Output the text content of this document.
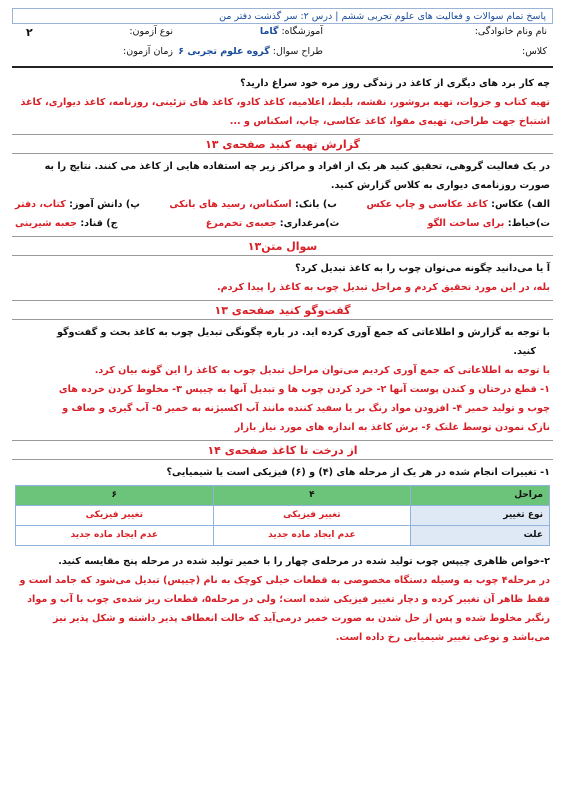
پاسخ تمام سوالات و فعالیت های علوم تجربی ششم | درس ۲: سر گذشت دفتر من
نام ونام خانوادگی:
آموزشگاه: گاما
نوع آزمون:
کلاس:
طراح سوال: گروه علوم تجربی ۶
زمان آزمون:
۲
چه کار برد های دیگری از کاغذ در زندگی روز مره خود سراغ دارید؟
تهیه کتاب و جزوات، تهیه بروشور، نقشه، بلیط، اعلامیه، کاغذ کادو، کاغذ های تزئینی، روزنامه، کاغذ دیواری، کاغذ
اشتباخ جهت طراحی، تهیه‌ی مقوا، کاغذ عکاسی، چاپ، اسکناس و ...
گزارش تهیه کنید صفحه‌ی ۱۳
در یک فعالیت گروهی، تحقیق کنید هر یک از افراد و مراکز زیر چه استفاده هایی از کاغذ می کنند. نتایج را به
صورت روزنامه‌ی دیواری به کلاس گزارش کنید.
الف) عکاس: کاغذ عکاسی و چاپ عکس
ب) بانک: اسکناس، رسید های بانکی
پ) دانش آموز: کتاب، دفتر
ت)خیاط: برای ساخت الگو
ث)مرغداری: جعبه‌ی تخم‌مرغ
ج) قناد: جعبه شیرینی
سوال متن۱۳
آ یا می‌دانید چگونه می‌توان چوب را به کاغذ تبدیل کرد؟
بله، در این مورد تحقیق کردم و مراحل تبدیل چوب به کاغذ را پیدا کردم.
گفت‌وگو کنید صفحه‌ی ۱۳
با توجه به گزارش و اطلاعاتی که جمع آوری کرده اید. در باره چگونگی تبدیل چوب به کاغذ بحث و گفت‌وگو
کنید.
با توجه به اطلاعاتی که جمع آوری کردیم می‌توان مراحل تبدیل چوب به کاغذ را این گونه بیان کرد.
۱- قطع درختان و کندن پوست آنها ۲- خرد کردن چوب ها و تبدیل آنها به چیپس ۳- مخلوط کردن خرده های
چوب و تولید خمیر ۴- افزودن مواد رنگ بر یا سفید کننده مانند آب اکسیژنه به خمیر ۵- آب گیری و صاف و
نازک نمودن توسط غلتک ۶- برش کاغذ به اندازه های مورد نیاز بازار
از درخت تا کاغذ صفحه‌ی ۱۴
۱- تغییرات انجام شده در هر یک از مرحله های (۴) و (۶) فیزیکی است یا شیمیایی؟
مراحل	۴	۶
نوع تغییر	تغییر فیزیکی	تغییر فیزیکی
علت	عدم ایجاد ماده جدید	عدم ایجاد ماده جدید
۲-خواص ظاهری چیپس چوب تولید شده در مرحله‌ی چهار را با خمیر تولید شده در مرحله پنج مقایسه کنید.
در مرحله۴ چوب به وسیله دستگاه مخصوصی به قطعات خیلی کوچک به نام (چیپس) تبدیل می‌شود که جامد است و
فقط ظاهر آن تغییر کرده و دچار تغییر فیزیکی شده است؛ ولی در مرحله۵، قطعات ریز شده‌ی چوب با آب و مواد
رنگبر مخلوط شده و پس از حل شدن به صورت خمیر درمی‌آید که خالت انعطاف پذیر داشته و شکل پذیر نیز
می‌باشد و نوعی تغییر شیمیایی رخ داده است.
